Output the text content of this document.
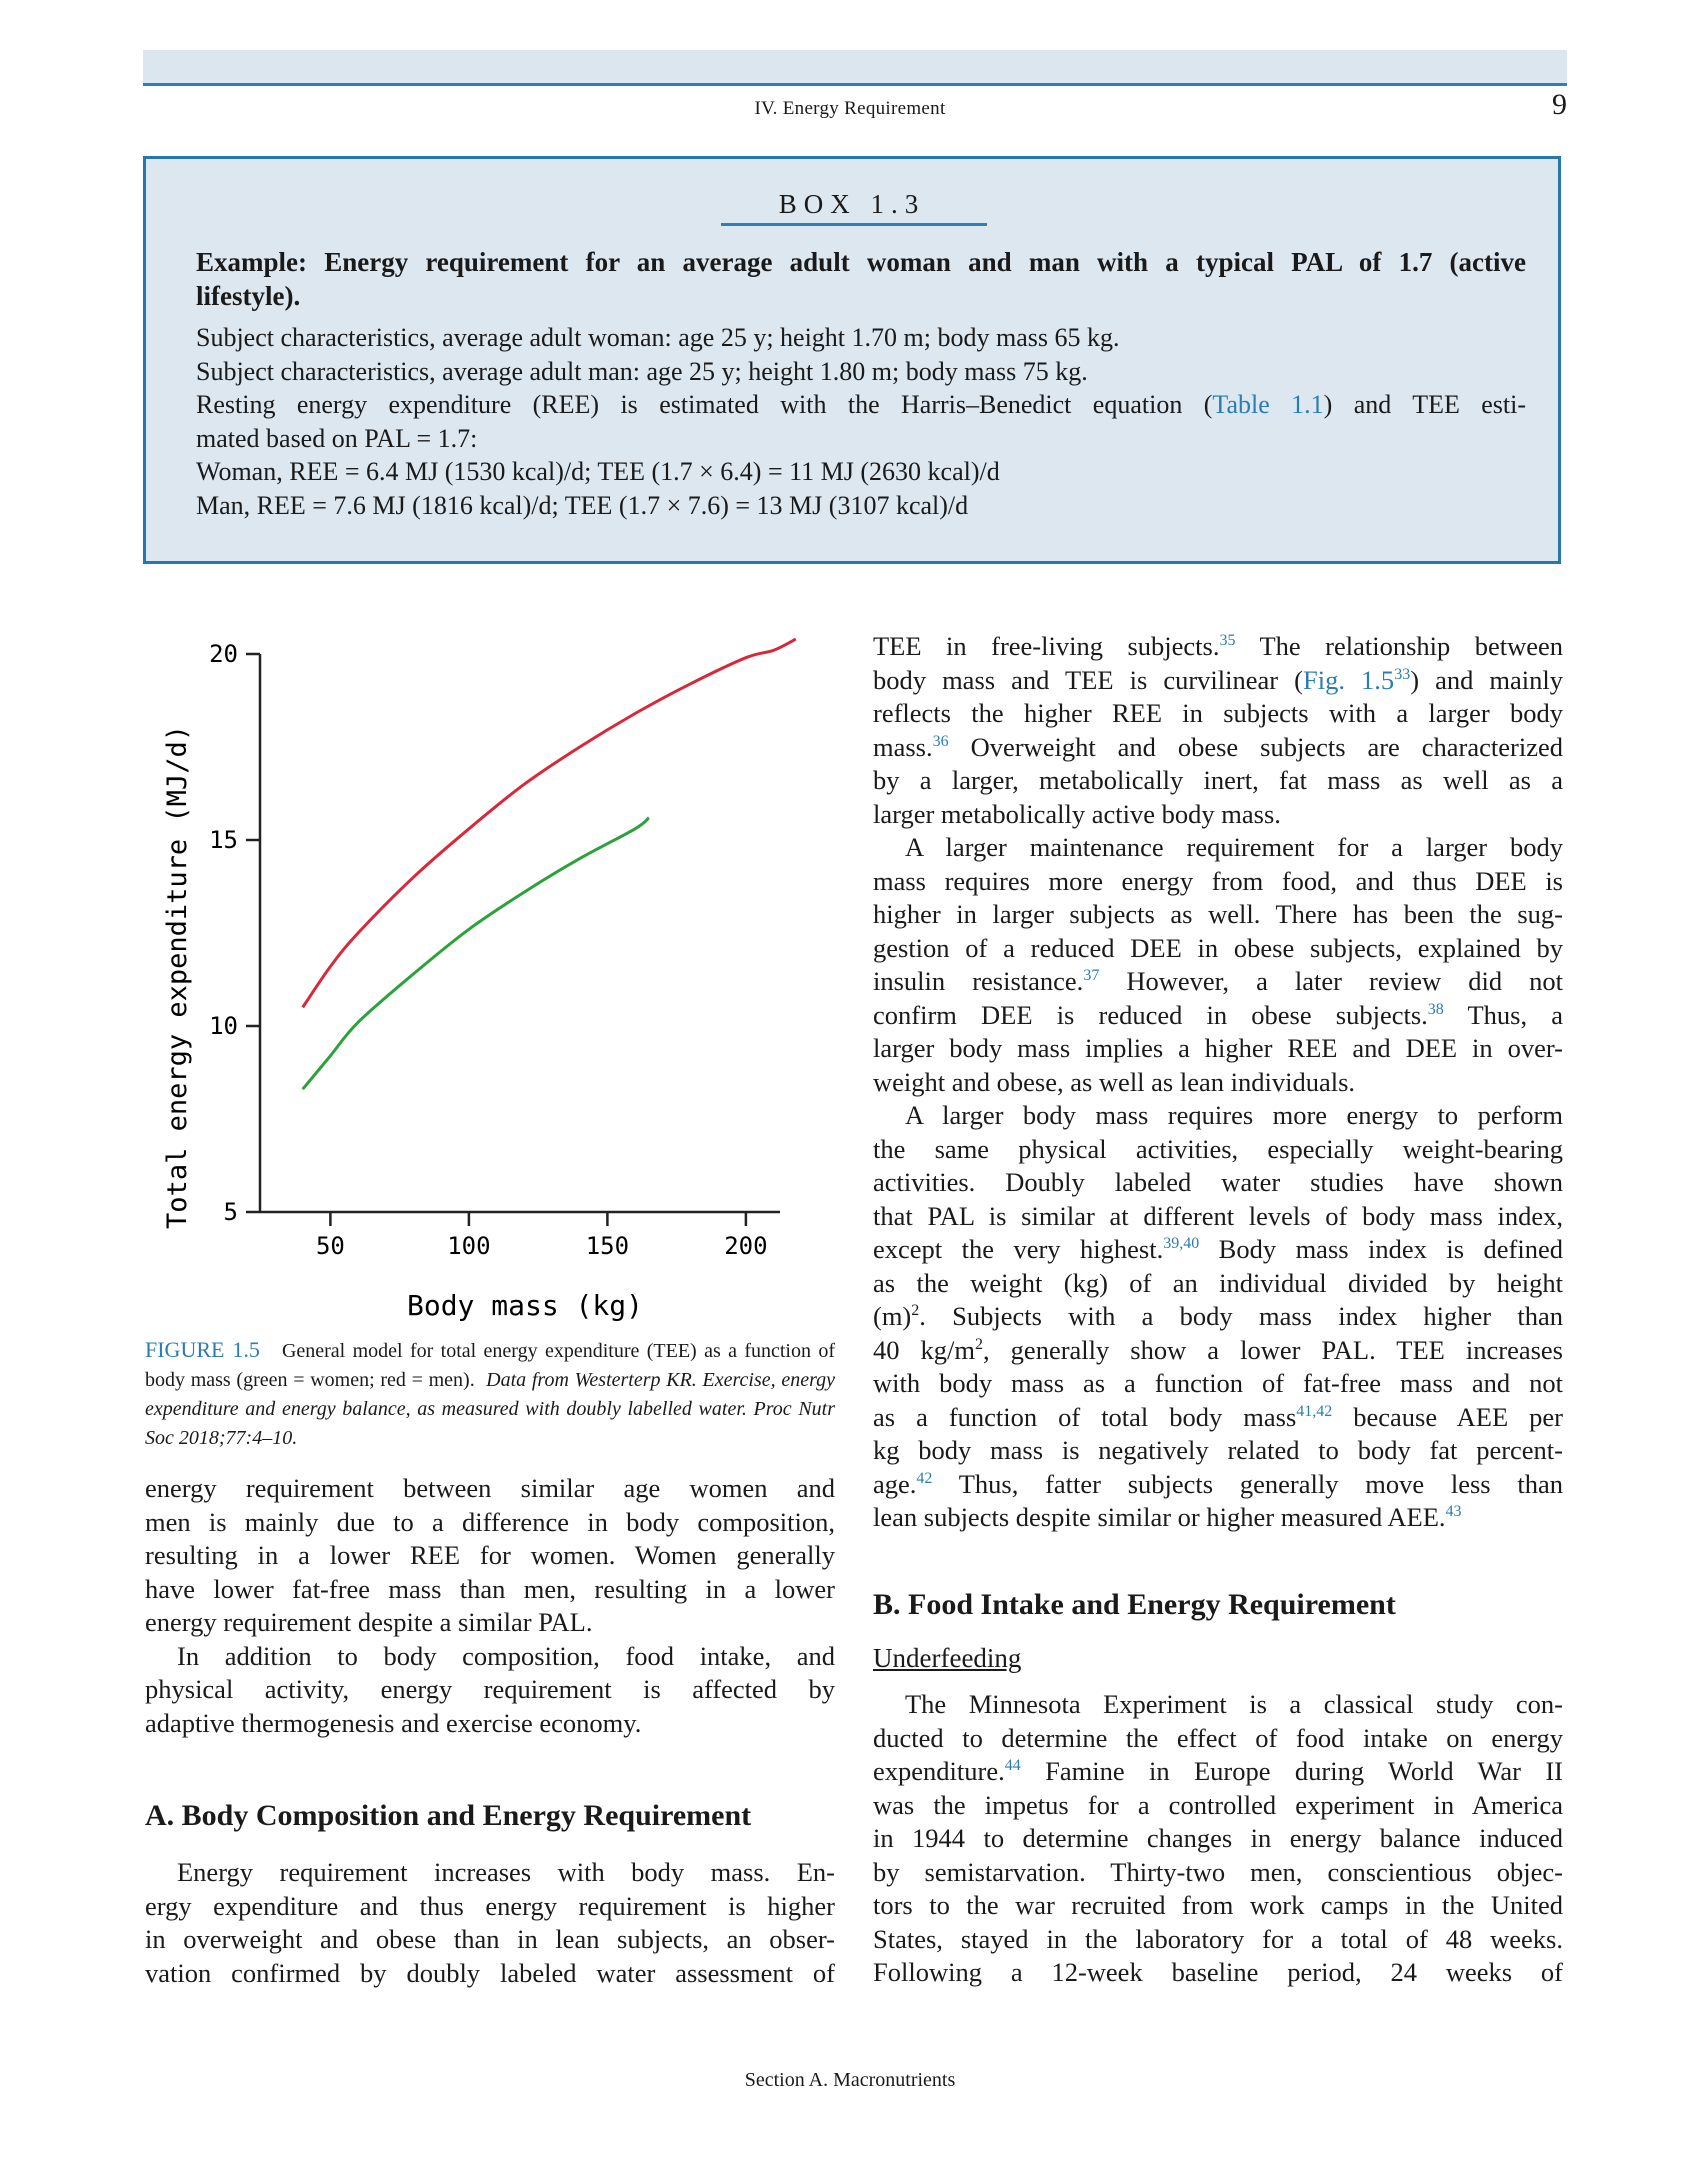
IV. Energy Requirement	9
BOX 1.3
Example: Energy requirement for an average adult woman and man with a typical PAL of 1.7 (active
lifestyle).

Subject characteristics, average adult woman: age 25 y; height 1.70 m; body mass 65 kg.

Subject characteristics, average adult man: age 25 y; height 1.80 m; body mass 75 kg.

Resting energy expenditure (REE) is estimated with the Harris–Benedict equation (Table 1.1) and TEE esti-

mated based on PAL = 1.7:

Woman, REE = 6.4 MJ (1530 kcal)/d; TEE (1.7 × 6.4) = 11 MJ (2630 kcal)/d

Man, REE = 7.6 MJ (1816 kcal)/d; TEE (1.7 × 7.6) = 13 MJ (3107 kcal)/d

5
10
15
20
50	100	150	200
Body mass (kg)
Total energy expenditure (MJ/d)

FIGURE 1.5 General model for total energy expenditure (TEE) as a function of body mass (green = women; red = men). Data from Westerterp KR. Exercise, energy expenditure and energy balance, as measured with doubly labelled water. Proc Nutr Soc 2018;77:4–10.

energy requirement between similar age women and
men is mainly due to a difference in body composition,
resulting in a lower REE for women. Women generally
have lower fat-free mass than men, resulting in a lower
energy requirement despite a similar PAL.
In addition to body composition, food intake, and
physical activity, energy requirement is affected by
adaptive thermogenesis and exercise economy.
A. Body Composition and Energy Requirement
Energy requirement increases with body mass. En-
ergy expenditure and thus energy requirement is higher
in overweight and obese than in lean subjects, an obser-
vation confirmed by doubly labeled water assessment of
TEE in free-living subjects.$^{35}$ The relationship between
body mass and TEE is curvilinear (Fig. $1.5^{33}$) and mainly
reflects the higher REE in subjects with a larger body
mass.$^{36}$ Overweight and obese subjects are characterized
by a larger, metabolically inert, fat mass as well as a
larger metabolically active body mass.
A larger maintenance requirement for a larger body
mass requires more energy from food, and thus DEE is
higher in larger subjects as well. There has been the sug-
gestion of a reduced DEE in obese subjects, explained by
insulin resistance.$^{37}$ However, a later review did not
confirm DEE is reduced in obese subjects.$^{38}$ Thus, a
larger body mass implies a higher REE and DEE in over-
weight and obese, as well as lean individuals.
A larger body mass requires more energy to perform
the same physical activities, especially weight-bearing
activities. Doubly labeled water studies have shown
that PAL is similar at different levels of body mass index,
except the very highest.$^{39,40}$ Body mass index is defined
as the weight (kg) of an individual divided by height
$(m)^2$. Subjects with a body mass index higher than
40 $kg/m^2$, generally show a lower PAL. TEE increases
with body mass as a function of fat-free mass and not
as a function of total body mass$^{41,42}$ because AEE per
kg body mass is negatively related to body fat percent-
age.$^{42}$ Thus, fatter subjects generally move less than
lean subjects despite similar or higher measured AEE.$^{43}$
B. Food Intake and Energy Requirement
Underfeeding
The Minnesota Experiment is a classical study con-
ducted to determine the effect of food intake on energy
expenditure.$^{44}$ Famine in Europe during World War II
was the impetus for a controlled experiment in America
in 1944 to determine changes in energy balance induced
by semistarvation. Thirty-two men, conscientious objec-
tors to the war recruited from work camps in the United
States, stayed in the laboratory for a total of 48 weeks.
Following a 12-week baseline period, 24 weeks of
Section A. Macronutrients
